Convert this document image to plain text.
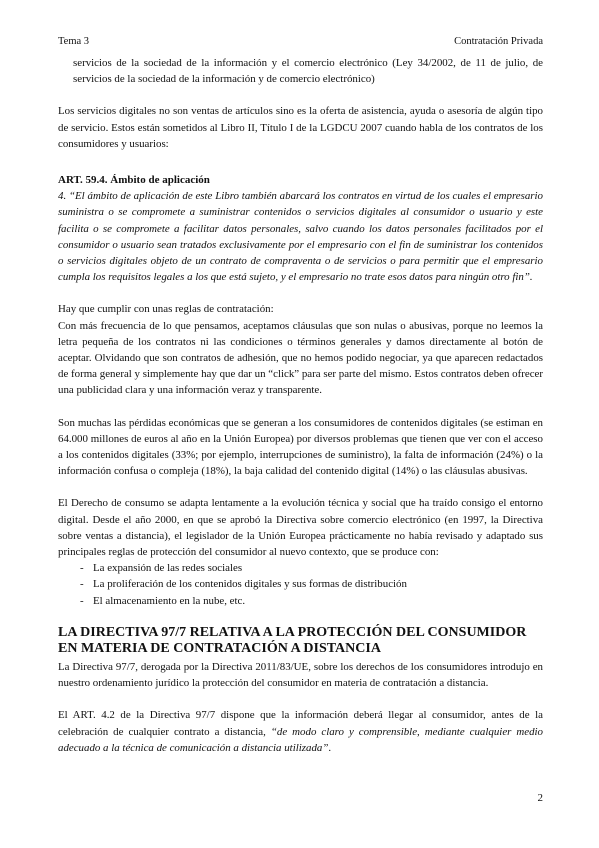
Tema 3	Contratación Privada

servicios de la sociedad de la información y el comercio electrónico (Ley 34/2002, de 11 de julio, de servicios de la sociedad de la información y de comercio electrónico)

Los servicios digitales no son ventas de artículos sino es la oferta de asistencia, ayuda o asesoría de algún tipo de servicio. Estos están sometidos al Libro II, Título I de la LGDCU 2007 cuando habla de los contratos de los consumidores y usuarios:

ART. 59.4. Ámbito de aplicación

4. “El ámbito de aplicación de este Libro también abarcará los contratos en virtud de los cuales el empresario suministra o se compromete a suministrar contenidos o servicios digitales al consumidor o usuario y este facilita o se compromete a facilitar datos personales, salvo cuando los datos personales facilitados por el consumidor o usuario sean tratados exclusivamente por el empresario con el fin de suministrar los contenidos o servicios digitales objeto de un contrato de compraventa o de servicios o para permitir que el empresario cumpla los requisitos legales a los que está sujeto, y el empresario no trate esos datos para ningún otro fin”.

Hay que cumplir con unas reglas de contratación:

Con más frecuencia de lo que pensamos, aceptamos cláusulas que son nulas o abusivas, porque no leemos la letra pequeña de los contratos ni las condiciones o términos generales y damos directamente al botón de aceptar. Olvidando que son contratos de adhesión, que no hemos podido negociar, ya que aparecen redactados de forma general y simplemente hay que dar un “click” para ser parte del mismo. Estos contratos deben ofrecer una publicidad clara y una información veraz y transparente.

Son muchas las pérdidas económicas que se generan a los consumidores de contenidos digitales (se estiman en 64.000 millones de euros al año en la Unión Europea) por diversos problemas que tienen que ver con el acceso a los contenidos digitales (33%; por ejemplo, interrupciones de suministro), la falta de información (24%) o la información confusa o compleja (18%), la baja calidad del contenido digital (14%) o las cláusulas abusivas.

El Derecho de consumo se adapta lentamente a la evolución técnica y social que ha traído consigo el entorno digital. Desde el año 2000, en que se aprobó la Directiva sobre comercio electrónico (en 1997, la Directiva sobre ventas a distancia), el legislador de la Unión Europea prácticamente no había revisado y adaptado sus principales reglas de protección del consumidor al nuevo contexto, que se produce con:

- La expansión de las redes sociales
- La proliferación de los contenidos digitales y sus formas de distribución
- El almacenamiento en la nube, etc.
LA DIRECTIVA 97/7 RELATIVA A LA PROTECCIÓN DEL CONSUMIDOR EN MATERIA DE CONTRATACIÓN A DISTANCIA

La Directiva 97/7, derogada por la Directiva 2011/83/UE, sobre los derechos de los consumidores introdujo en nuestro ordenamiento jurídico la protección del consumidor en materia de contratación a distancia.

El ART. 4.2 de la Directiva 97/7 dispone que la información deberá llegar al consumidor, antes de la celebración de cualquier contrato a distancia, “de modo claro y comprensible, mediante cualquier medio adecuado a la técnica de comunicación a distancia utilizada”.

2
